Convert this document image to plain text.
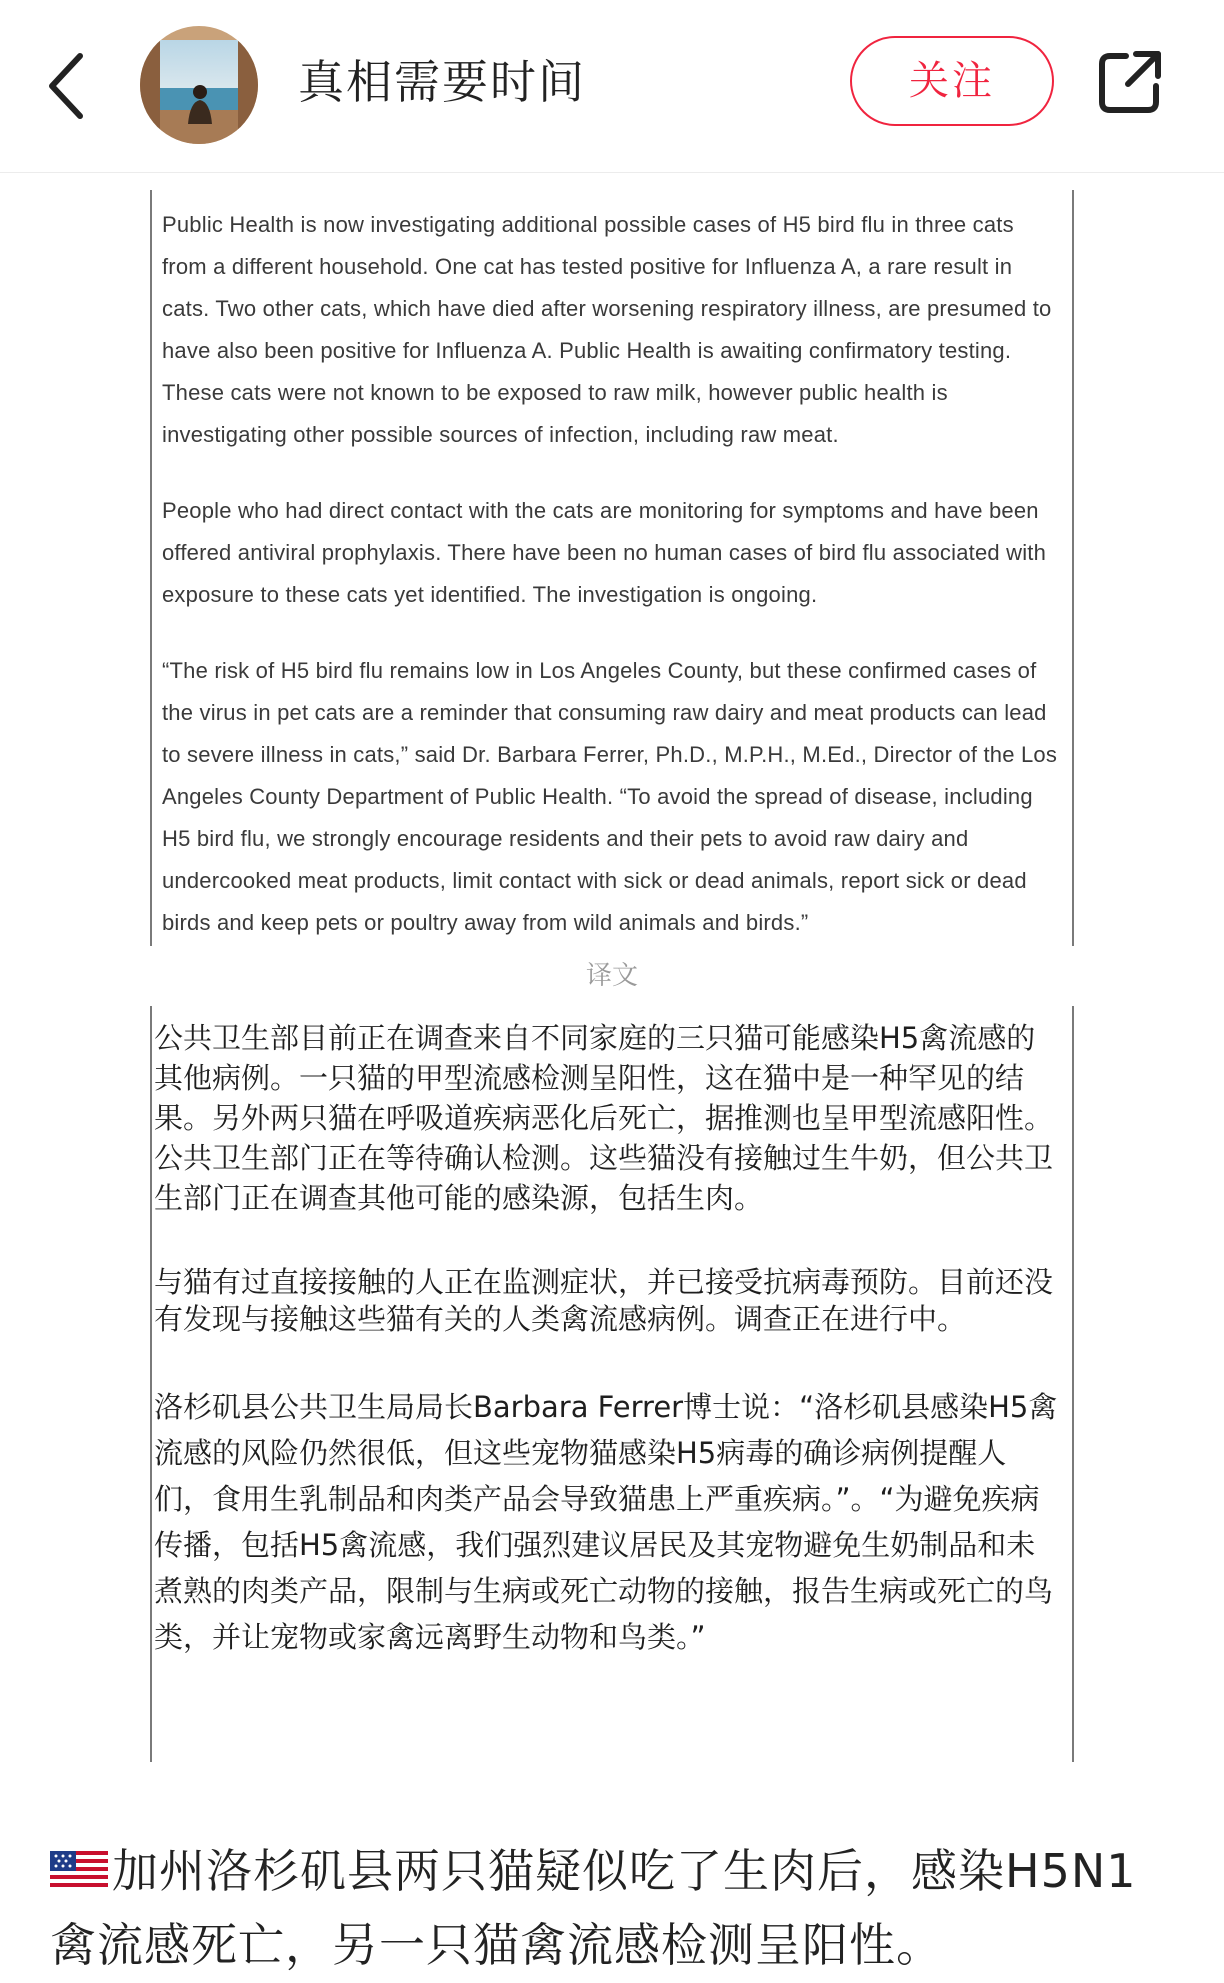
真相需要时间	关注

Public Health is now investigating additional possible cases of H5 bird flu in three cats from a different household. One cat has tested positive for Influenza A, a rare result in cats. Two other cats, which have died after worsening respiratory illness, are presumed to have also been positive for Influenza A. Public Health is awaiting confirmatory testing. These cats were not known to be exposed to raw milk, however public health is investigating other possible sources of infection, including raw meat.

People who had direct contact with the cats are monitoring for symptoms and have been offered antiviral prophylaxis. There have been no human cases of bird flu associated with exposure to these cats yet identified. The investigation is ongoing.

“The risk of H5 bird flu remains low in Los Angeles County, but these confirmed cases of the virus in pet cats are a reminder that consuming raw dairy and meat products can lead to severe illness in cats,” said Dr. Barbara Ferrer, Ph.D., M.P.H., M.Ed., Director of the Los Angeles County Department of Public Health. “To avoid the spread of disease, including H5 bird flu, we strongly encourage residents and their pets to avoid raw dairy and undercooked meat products, limit contact with sick or dead animals, report sick or dead birds and keep pets or poultry away from wild animals and birds.”

译文

公共卫生部目前正在调查来自不同家庭的三只猫可能感染H5禽流感的其他病例。一只猫的甲型流感检测呈阳性，这在猫中是一种罕见的结果。另外两只猫在呼吸道疾病恶化后死亡，据推测也呈甲型流感阳性。公共卫生部门正在等待确认检测。这些猫没有接触过生牛奶，但公共卫生部门正在调查其他可能的感染源，包括生肉。

与猫有过直接接触的人正在监测症状，并已接受抗病毒预防。目前还没有发现与接触这些猫有关的人类禽流感病例。调查正在进行中。

洛杉矶县公共卫生局局长Barbara Ferrer博士说：“洛杉矶县感染H5禽流感的风险仍然很低，但这些宠物猫感染H5病毒的确诊病例提醒人们，食用生乳制品和肉类产品会导致猫患上严重疾病。”。“为避免疾病传播，包括H5禽流感，我们强烈建议居民及其宠物避免生奶制品和未煮熟的肉类产品，限制与生病或死亡动物的接触，报告生病或死亡的鸟类，并让宠物或家禽远离野生动物和鸟类。”

加州洛杉矶县两只猫疑似吃了生肉后，感染H5N1禽流感死亡，另一只猫禽流感检测呈阳性。
